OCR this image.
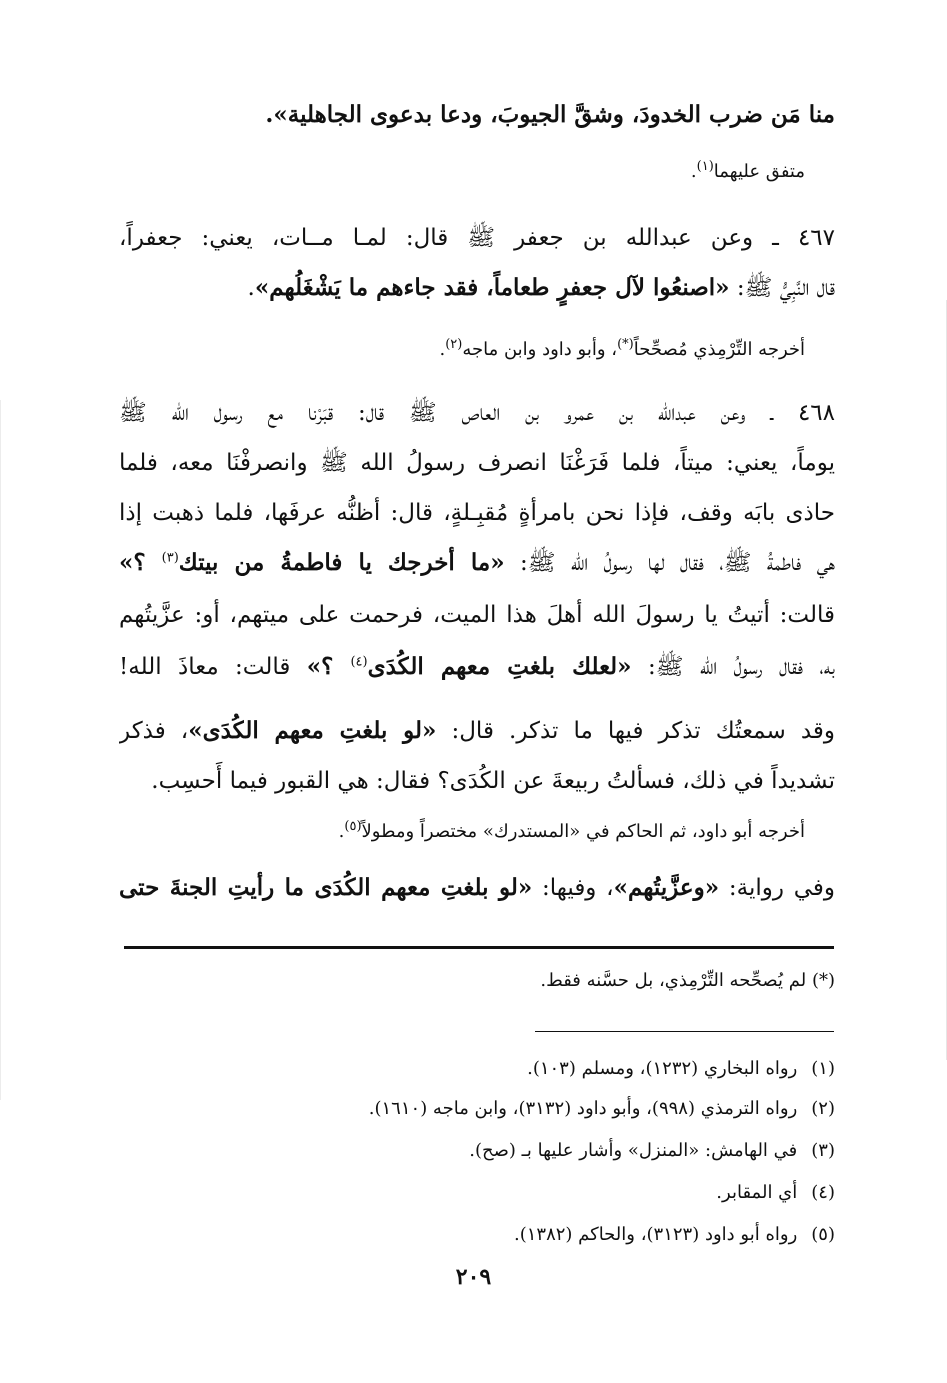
منا مَن ضرب الخدودَ، وشقَّ الجيوبَ، ودعا بدعوى الجاهلية».
متفق عليهما$^{(١)}$.
٤٦٧ ـ وعن عبدالله بن جعفر ﷺ قال: لمـا مــات، يعني: جعفراً،
قال النَّبِيُّ ﷺ: «اصنعُوا لآل جعفرٍ طعاماً، فقد جاءهم ما يَشْغَلُهم».
أخرجه التِّرْمِذي مُصحِّحاً(*)، وأبو داود وابن ماجه$^{(٢)}$.
٤٦٨ ـ وعن عبدالله بن عمرو بن العاص ﷺ قال: قبَرْنا مع رسول الله ﷺ
يوماً، يعني: ميتاً، فلما فَرَغْنَا انصرف رسولُ الله ﷺ وانصرفْنَا معه، فلما
حاذى بابَه وقف، فإذا نحن بامرأةٍ مُقبِـلةٍ، قال: أظنُّه عرفَها، فلما ذهبت إذا
هي فاطمةُ ﷺ، فقال لها رسولُ الله ﷺ: «ما أخرجك يا فاطمةُ من بيتك$^{(٣)}$ ؟»
قالت: أتيتُ يا رسولَ الله أهلَ هذا الميت، فرحمت على ميتهم، أو: عزَّيتُهم
به، فقال رسولُ الله ﷺ: «لعلك بلغتِ معهم الكُدَى$^{(٤)}$ ؟» قالت: معاذَ الله!
وقد سمعتُك تذكر فيها ما تذكر. قال: «لو بلغتِ معهم الكُدَى»، فذكر
تشديداً في ذلك، فسألتُ ربيعةَ عن الكُدَى؟ فقال: هي القبور فيما أَحسِب.
أخرجه أبو داود، ثم الحاكم في «المستدرك» مختصراً ومطولاً$^{(٥)}$.
وفي رواية: «وعزَّيتُهم»، وفيها: «لو بلغتِ معهم الكُدَى ما رأيتِ الجنةَ حتى
(*) لم يُصحِّحه التِّرْمِذي، بل حسَّنه فقط.
(١) رواه البخاري (١٢٣٢)، ومسلم (١٠٣).
(٢) رواه الترمذي (٩٩٨)، وأبو داود (٣١٣٢)، وابن ماجه (١٦١٠).
(٣) في الهامش: «المنزل» وأشار عليها بـ (صح).
(٤) أي المقابر.
(٥) رواه أبو داود (٣١٢٣)، والحاكم (١٣٨٢).
٢٠٩
